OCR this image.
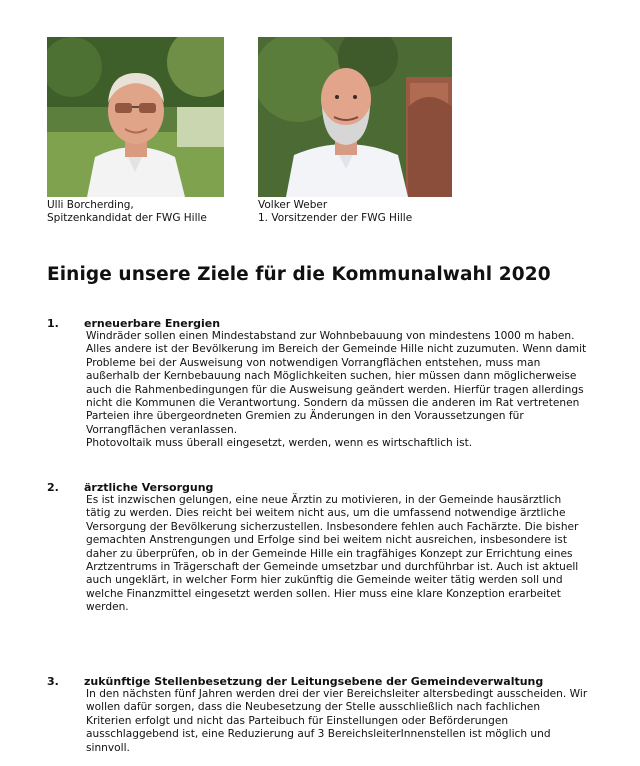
Ulli Borcherding,
Spitzenkandidat der FWG Hille
Volker Weber
1. Vorsitzender der FWG Hille
Einige unsere Ziele für die Kommunalwahl 2020
1. erneuerbare Energien
Windräder sollen einen Mindestabstand zur Wohnbebauung von mindestens 1000 m haben.
Alles andere ist der Bevölkerung im Bereich der Gemeinde Hille nicht zuzumuten. Wenn damit
Probleme bei der Ausweisung von notwendigen Vorrangflächen entstehen, muss man
außerhalb der Kernbebauung nach Möglichkeiten suchen, hier müssen dann möglicherweise
auch die Rahmenbedingungen für die Ausweisung geändert werden. Hierfür tragen allerdings
nicht die Kommunen die Verantwortung. Sondern da müssen die anderen im Rat vertretenen
Parteien ihre übergeordneten Gremien zu Änderungen in den Voraussetzungen für
Vorrangflächen veranlassen.
Photovoltaik muss überall eingesetzt, werden, wenn es wirtschaftlich ist.
2. ärztliche Versorgung
Es ist inzwischen gelungen, eine neue Ärztin zu motivieren, in der Gemeinde hausärztlich
tätig zu werden. Dies reicht bei weitem nicht aus, um die umfassend notwendige ärztliche
Versorgung der Bevölkerung sicherzustellen. Insbesondere fehlen auch Fachärzte. Die bisher
gemachten Anstrengungen und Erfolge sind bei weitem nicht ausreichen, insbesondere ist
daher zu überprüfen, ob in der Gemeinde Hille ein tragfähiges Konzept zur Errichtung eines
Arztzentrums in Trägerschaft der Gemeinde umsetzbar und durchführbar ist. Auch ist aktuell
auch ungeklärt, in welcher Form hier zukünftig die Gemeinde weiter tätig werden soll und
welche Finanzmittel eingesetzt werden sollen. Hier muss eine klare Konzeption erarbeitet
werden.
3. zukünftige Stellenbesetzung der Leitungsebene der Gemeindeverwaltung
In den nächsten fünf Jahren werden drei der vier Bereichsleiter altersbedingt ausscheiden. Wir
wollen dafür sorgen, dass die Neubesetzung der Stelle ausschließlich nach fachlichen
Kriterien erfolgt und nicht das Parteibuch für Einstellungen oder Beförderungen
ausschlaggebend ist, eine Reduzierung auf 3 BereichsleiterInnenstellen ist möglich und
sinnvoll.
